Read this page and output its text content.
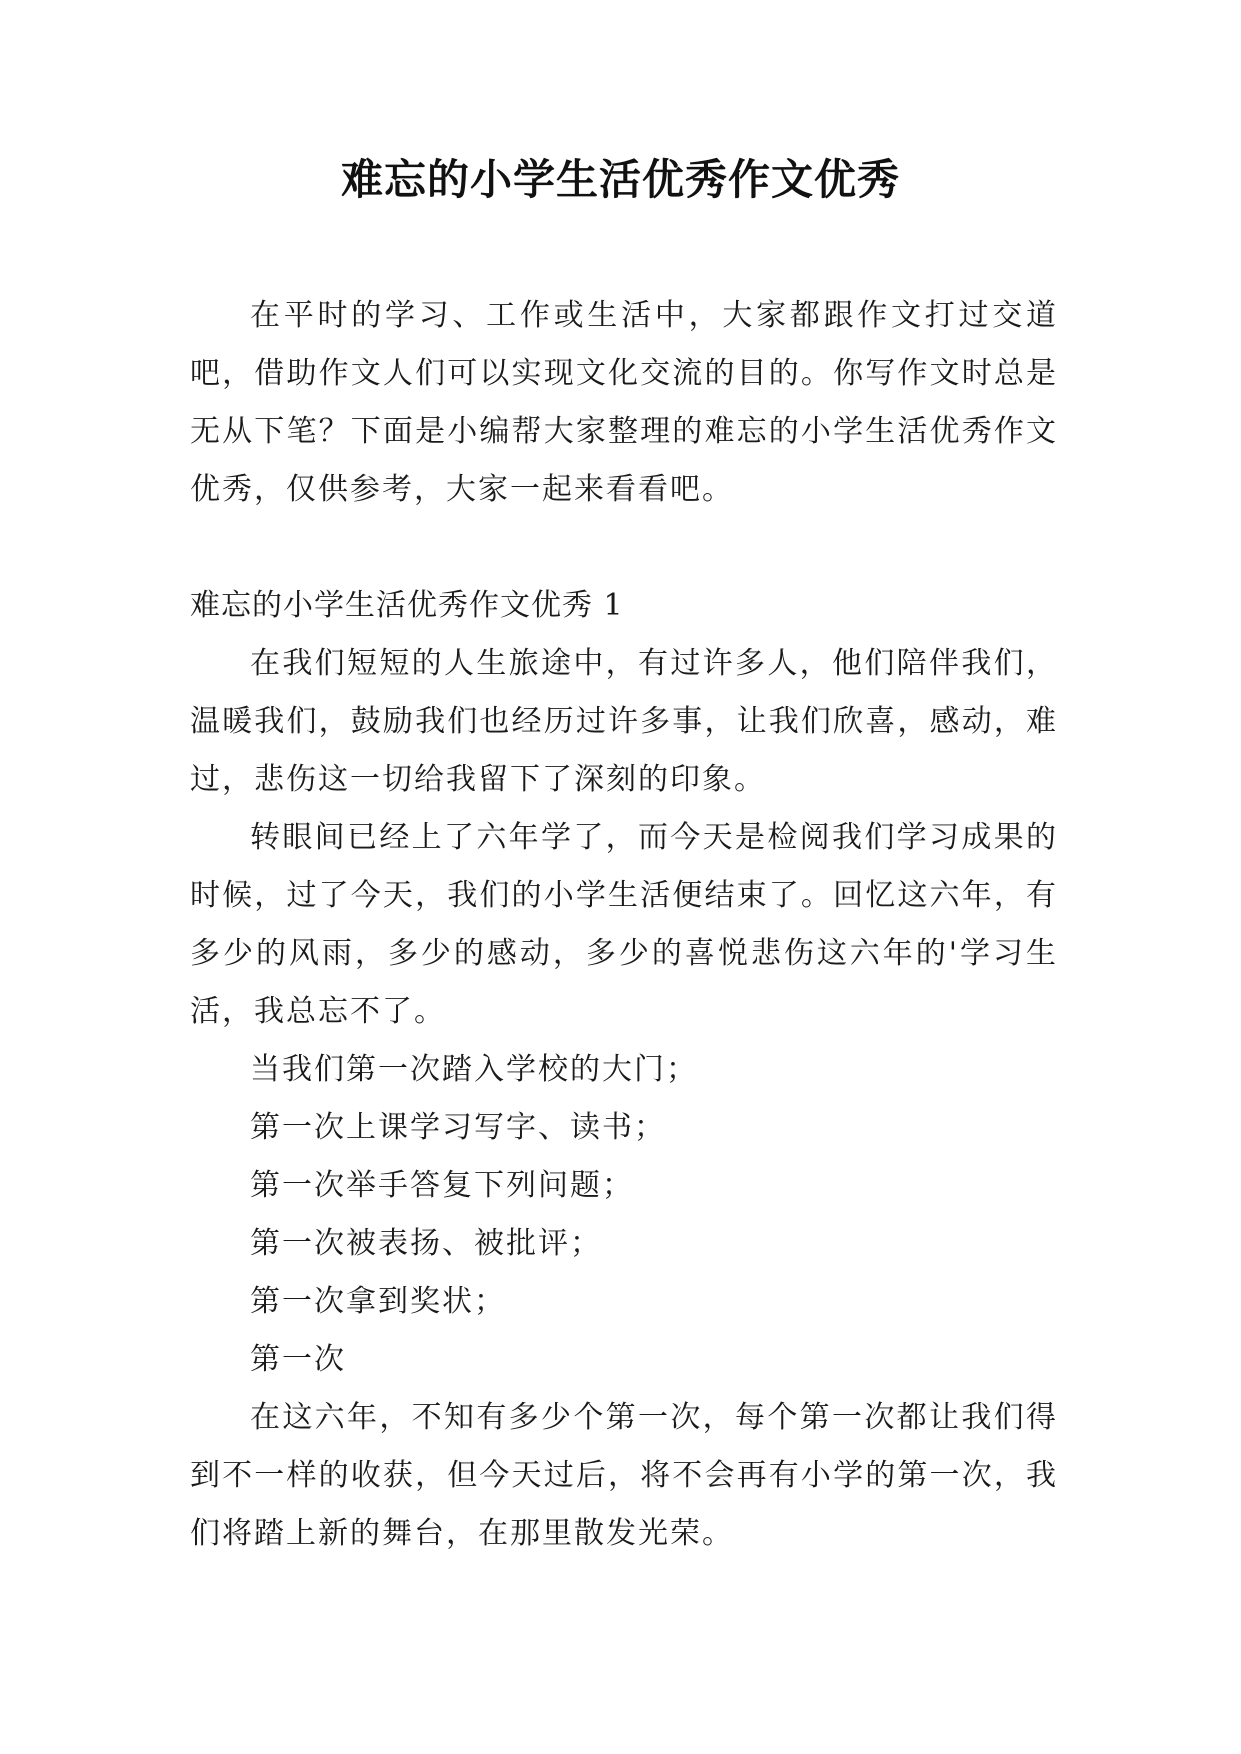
难忘的小学生活优秀作文优秀

在平时的学习、工作或生活中，大家都跟作文打过交道吧，借助作文人们可以实现文化交流的目的。你写作文时总是无从下笔？下面是小编帮大家整理的难忘的小学生活优秀作文优秀，仅供参考，大家一起来看看吧。

难忘的小学生活优秀作文优秀 1

在我们短短的人生旅途中，有过许多人，他们陪伴我们，温暖我们，鼓励我们也经历过许多事，让我们欣喜，感动，难过，悲伤这一切给我留下了深刻的印象。

转眼间已经上了六年学了，而今天是检阅我们学习成果的时候，过了今天，我们的小学生活便结束了。回忆这六年，有多少的风雨，多少的感动，多少的喜悦悲伤这六年的'学习生活，我总忘不了。

当我们第一次踏入学校的大门；

第一次上课学习写字、读书；

第一次举手答复下列问题；

第一次被表扬、被批评；

第一次拿到奖状；

第一次

在这六年，不知有多少个第一次，每个第一次都让我们得到不一样的收获，但今天过后，将不会再有小学的第一次，我们将踏上新的舞台，在那里散发光荣。
